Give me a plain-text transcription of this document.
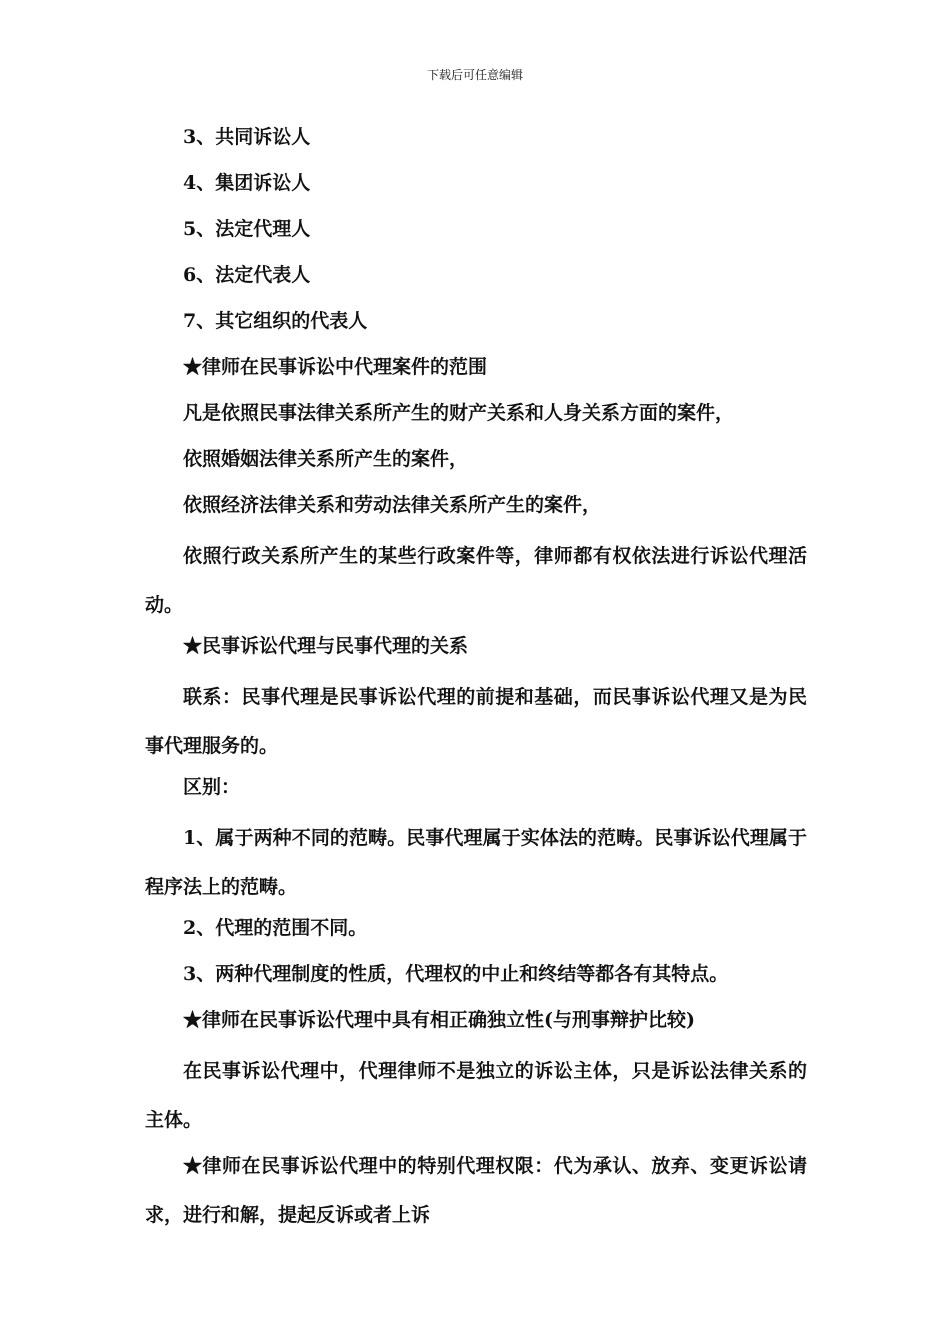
下载后可任意编辑

3、共同诉讼人

4、集团诉讼人

5、法定代理人

6、法定代表人

7、其它组织的代表人

★律师在民事诉讼中代理案件的范围

凡是依照民事法律关系所产生的财产关系和人身关系方面的案件，

依照婚姻法律关系所产生的案件，

依照经济法律关系和劳动法律关系所产生的案件，

依照行政关系所产生的某些行政案件等，律师都有权依法进行诉讼代理活动。

★民事诉讼代理与民事代理的关系

联系：民事代理是民事诉讼代理的前提和基础，而民事诉讼代理又是为民事代理服务的。

区别：

1、属于两种不同的范畴。民事代理属于实体法的范畴。民事诉讼代理属于程序法上的范畴。

2、代理的范围不同。

3、两种代理制度的性质，代理权的中止和终结等都各有其特点。

★律师在民事诉讼代理中具有相正确独立性(与刑事辩护比较)

在民事诉讼代理中，代理律师不是独立的诉讼主体，只是诉讼法律关系的主体。

★律师在民事诉讼代理中的特别代理权限：代为承认、放弃、变更诉讼请求，进行和解，提起反诉或者上诉
